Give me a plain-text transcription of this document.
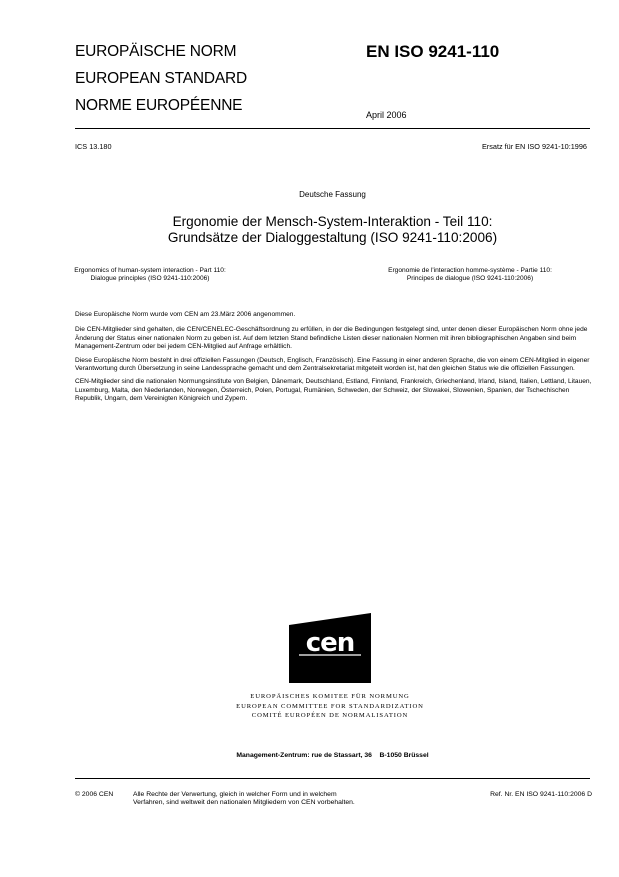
EUROPÄISCHE NORM
EUROPEAN STANDARD
NORME EUROPÉENNE
EN ISO 9241-110
April 2006
ICS 13.180	Ersatz für EN ISO 9241-10:1996
Deutsche Fassung
Ergonomie der Mensch-System-Interaktion - Teil 110:
Grundsätze der Dialoggestaltung (ISO 9241-110:2006)
Ergonomics of human-system interaction - Part 110:
Dialogue principles (ISO 9241-110:2006)
Ergonomie de l'interaction homme-système - Partie 110:
Principes de dialogue (ISO 9241-110:2006)

Diese Europäische Norm wurde vom CEN am 23.März 2006 angenommen.

Die CEN-Mitglieder sind gehalten, die CEN/CENELEC-Geschäftsordnung zu erfüllen, in der die Bedingungen festgelegt sind, unter denen dieser Europäischen Norm ohne jede Änderung der Status einer nationalen Norm zu geben ist. Auf dem letzten Stand befindliche Listen dieser nationalen Normen mit ihren bibliographischen Angaben sind beim Management-Zentrum oder bei jedem CEN-Mitglied auf Anfrage erhältlich.

Diese Europäische Norm besteht in drei offiziellen Fassungen (Deutsch, Englisch, Französisch). Eine Fassung in einer anderen Sprache, die von einem CEN-Mitglied in eigener Verantwortung durch Übersetzung in seine Landessprache gemacht und dem Zentralsekretariat mitgeteilt worden ist, hat den gleichen Status wie die offiziellen Fassungen.

CEN-Mitglieder sind die nationalen Normungsinstitute von Belgien, Dänemark, Deutschland, Estland, Finnland, Frankreich, Griechenland, Irland, Island, Italien, Lettland, Litauen, Luxemburg, Malta, den Niederlanden, Norwegen, Österreich, Polen, Portugal, Rumänien, Schweden, der Schweiz, der Slowakei, Slowenien, Spanien, der Tschechischen Republik, Ungarn, dem Vereinigten Königreich und Zypern.

cen
EUROPÄISCHES KOMITEE FÜR NORMUNG
EUROPEAN COMMITTEE FOR STANDARDIZATION
COMITÉ EUROPÉEN DE NORMALISATION
Management-Zentrum: rue de Stassart, 36    B-1050 Brüssel
© 2006 CEN	Alle Rechte der Verwertung, gleich in welcher Form und in welchem
Verfahren, sind weltweit den nationalen Mitgliedern von CEN vorbehalten.
Ref. Nr. EN ISO 9241-110:2006 D
